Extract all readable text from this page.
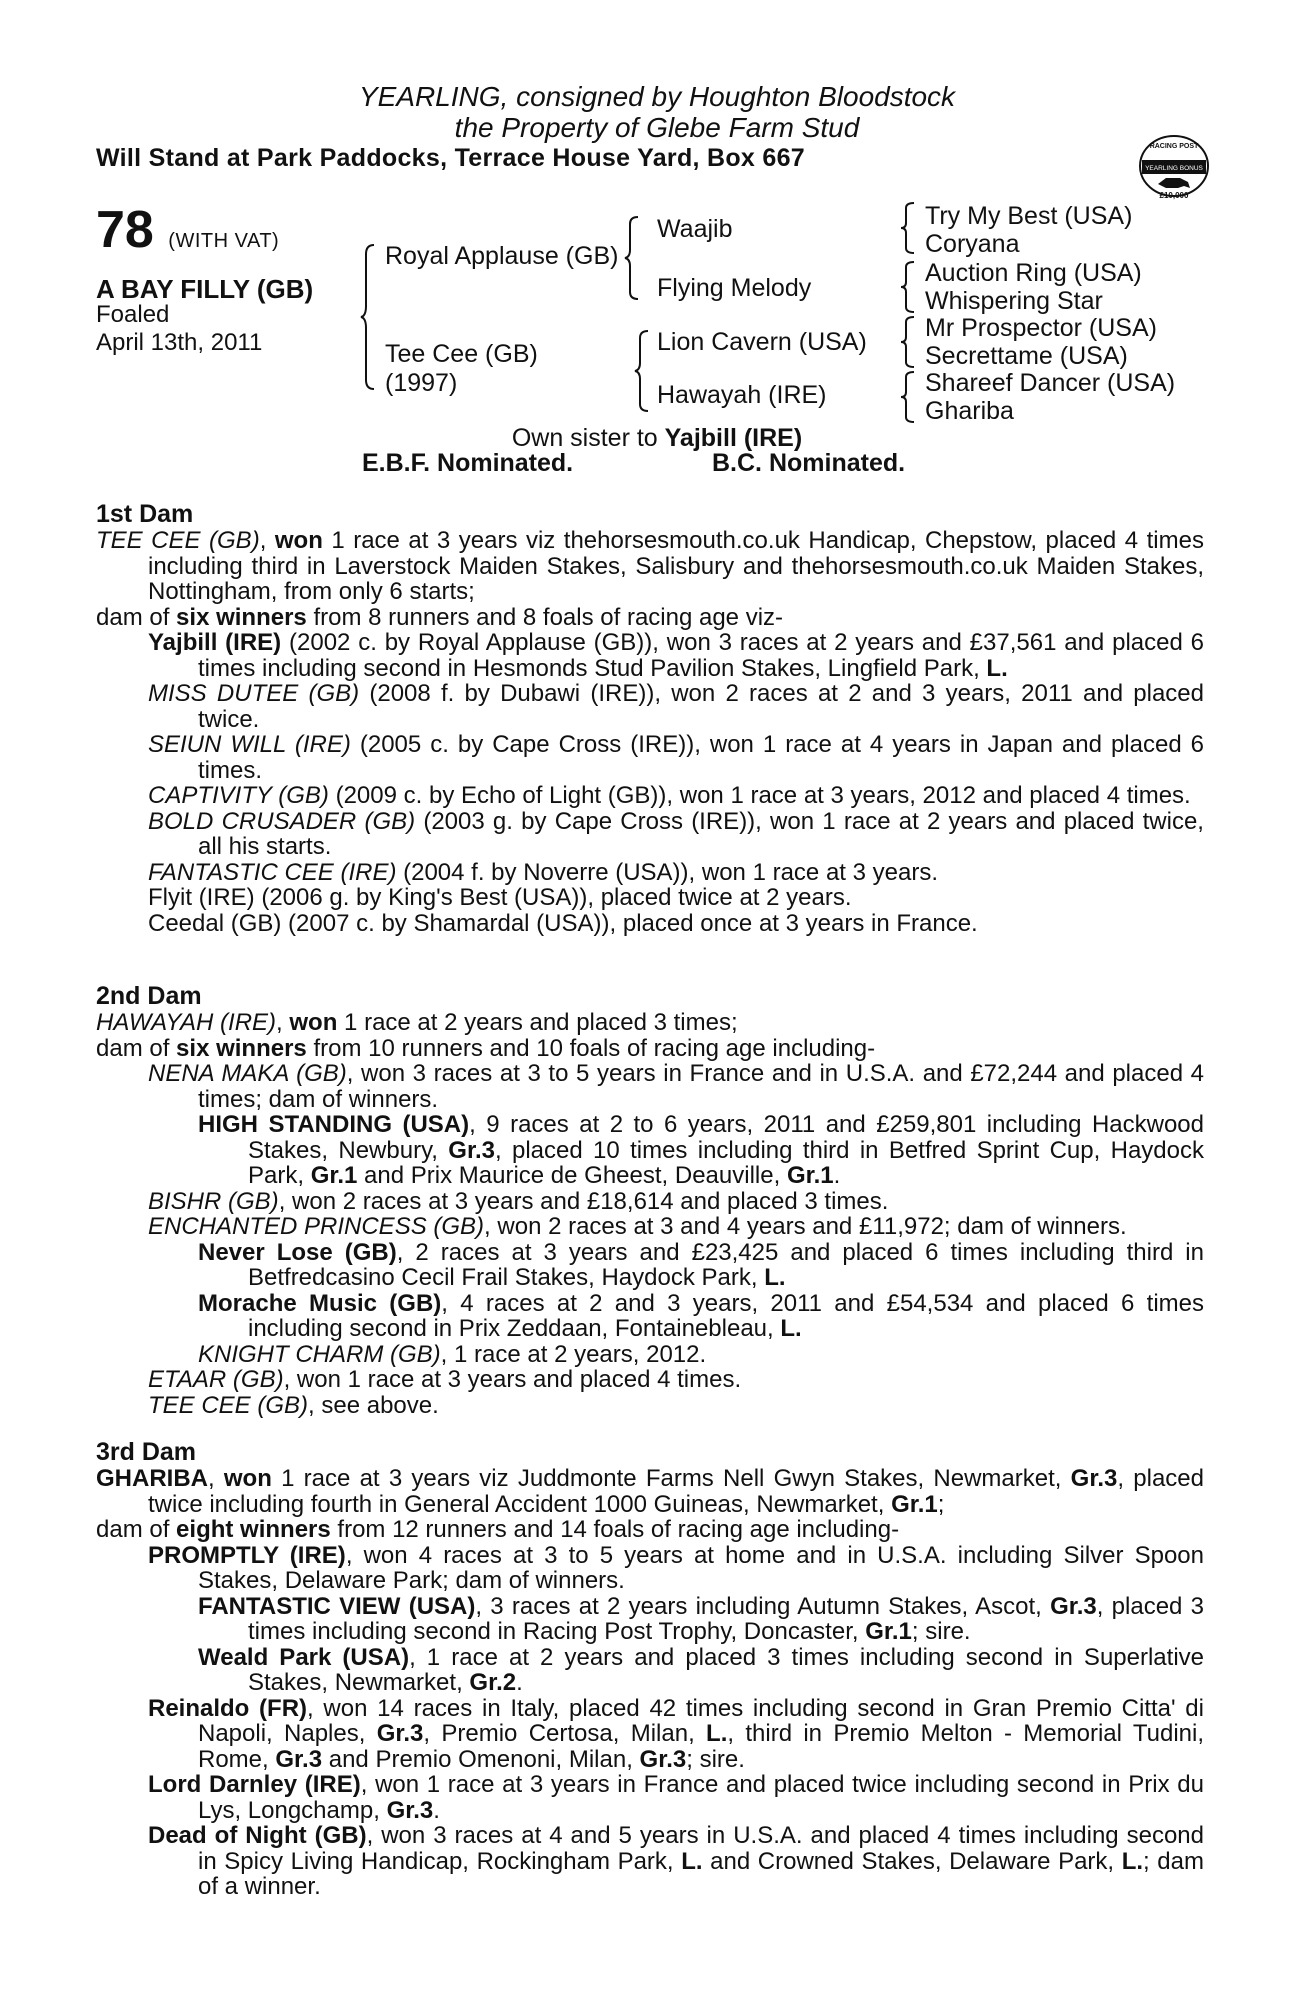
YEARLING, consigned by Houghton Bloodstock
the Property of Glebe Farm Stud
Will Stand at Park Paddocks, Terrace House Yard, Box 667	RACING POST
YEARLING BONUS
£10,000
78 (WITH VAT)
A BAY FILLY (GB)
Foaled
April 13th, 2011
Royal Applause (GB)
Tee Cee (GB)
(1997)
Waajib
Flying Melody
Lion Cavern (USA)
Hawayah (IRE)
Try My Best (USA)
Coryana
Auction Ring (USA)
Whispering Star
Mr Prospector (USA)
Secrettame (USA)
Shareef Dancer (USA)
Ghariba
Own sister to Yajbill (IRE)
E.B.F. Nominated.	B.C. Nominated.
1st Dam
TEE CEE (GB), won 1 race at 3 years viz thehorsesmouth.co.uk Handicap, Chepstow, placed 4 times including third in Laverstock Maiden Stakes, Salisbury and thehorsesmouth.co.uk Maiden Stakes, Nottingham, from only 6 starts;
dam of six winners from 8 runners and 8 foals of racing age viz-
Yajbill (IRE) (2002 c. by Royal Applause (GB)), won 3 races at 2 years and £37,561 and placed 6 times including second in Hesmonds Stud Pavilion Stakes, Lingfield Park, L.
MISS DUTEE (GB) (2008 f. by Dubawi (IRE)), won 2 races at 2 and 3 years, 2011 and placed twice.
SEIUN WILL (IRE) (2005 c. by Cape Cross (IRE)), won 1 race at 4 years in Japan and placed 6 times.
CAPTIVITY (GB) (2009 c. by Echo of Light (GB)), won 1 race at 3 years, 2012 and placed 4 times.
BOLD CRUSADER (GB) (2003 g. by Cape Cross (IRE)), won 1 race at 2 years and placed twice, all his starts.
FANTASTIC CEE (IRE) (2004 f. by Noverre (USA)), won 1 race at 3 years.
Flyit (IRE) (2006 g. by King's Best (USA)), placed twice at 2 years.
Ceedal (GB) (2007 c. by Shamardal (USA)), placed once at 3 years in France.
2nd Dam
HAWAYAH (IRE), won 1 race at 2 years and placed 3 times;
dam of six winners from 10 runners and 10 foals of racing age including-
NENA MAKA (GB), won 3 races at 3 to 5 years in France and in U.S.A. and £72,244 and placed 4 times; dam of winners.
HIGH STANDING (USA), 9 races at 2 to 6 years, 2011 and £259,801 including Hackwood Stakes, Newbury, Gr.3, placed 10 times including third in Betfred Sprint Cup, Haydock Park, Gr.1 and Prix Maurice de Gheest, Deauville, Gr.1.
BISHR (GB), won 2 races at 3 years and £18,614 and placed 3 times.
ENCHANTED PRINCESS (GB), won 2 races at 3 and 4 years and £11,972; dam of winners.
Never Lose (GB), 2 races at 3 years and £23,425 and placed 6 times including third in Betfredcasino Cecil Frail Stakes, Haydock Park, L.
Morache Music (GB), 4 races at 2 and 3 years, 2011 and £54,534 and placed 6 times including second in Prix Zeddaan, Fontainebleau, L.
KNIGHT CHARM (GB), 1 race at 2 years, 2012.
ETAAR (GB), won 1 race at 3 years and placed 4 times.
TEE CEE (GB), see above.
3rd Dam
GHARIBA, won 1 race at 3 years viz Juddmonte Farms Nell Gwyn Stakes, Newmarket, Gr.3, placed twice including fourth in General Accident 1000 Guineas, Newmarket, Gr.1;
dam of eight winners from 12 runners and 14 foals of racing age including-
PROMPTLY (IRE), won 4 races at 3 to 5 years at home and in U.S.A. including Silver Spoon Stakes, Delaware Park; dam of winners.
FANTASTIC VIEW (USA), 3 races at 2 years including Autumn Stakes, Ascot, Gr.3, placed 3 times including second in Racing Post Trophy, Doncaster, Gr.1; sire.
Weald Park (USA), 1 race at 2 years and placed 3 times including second in Superlative Stakes, Newmarket, Gr.2.
Reinaldo (FR), won 14 races in Italy, placed 42 times including second in Gran Premio Citta' di Napoli, Naples, Gr.3, Premio Certosa, Milan, L., third in Premio Melton - Memorial Tudini, Rome, Gr.3 and Premio Omenoni, Milan, Gr.3; sire.
Lord Darnley (IRE), won 1 race at 3 years in France and placed twice including second in Prix du Lys, Longchamp, Gr.3.
Dead of Night (GB), won 3 races at 4 and 5 years in U.S.A. and placed 4 times including second in Spicy Living Handicap, Rockingham Park, L. and Crowned Stakes, Delaware Park, L.; dam of a winner.
